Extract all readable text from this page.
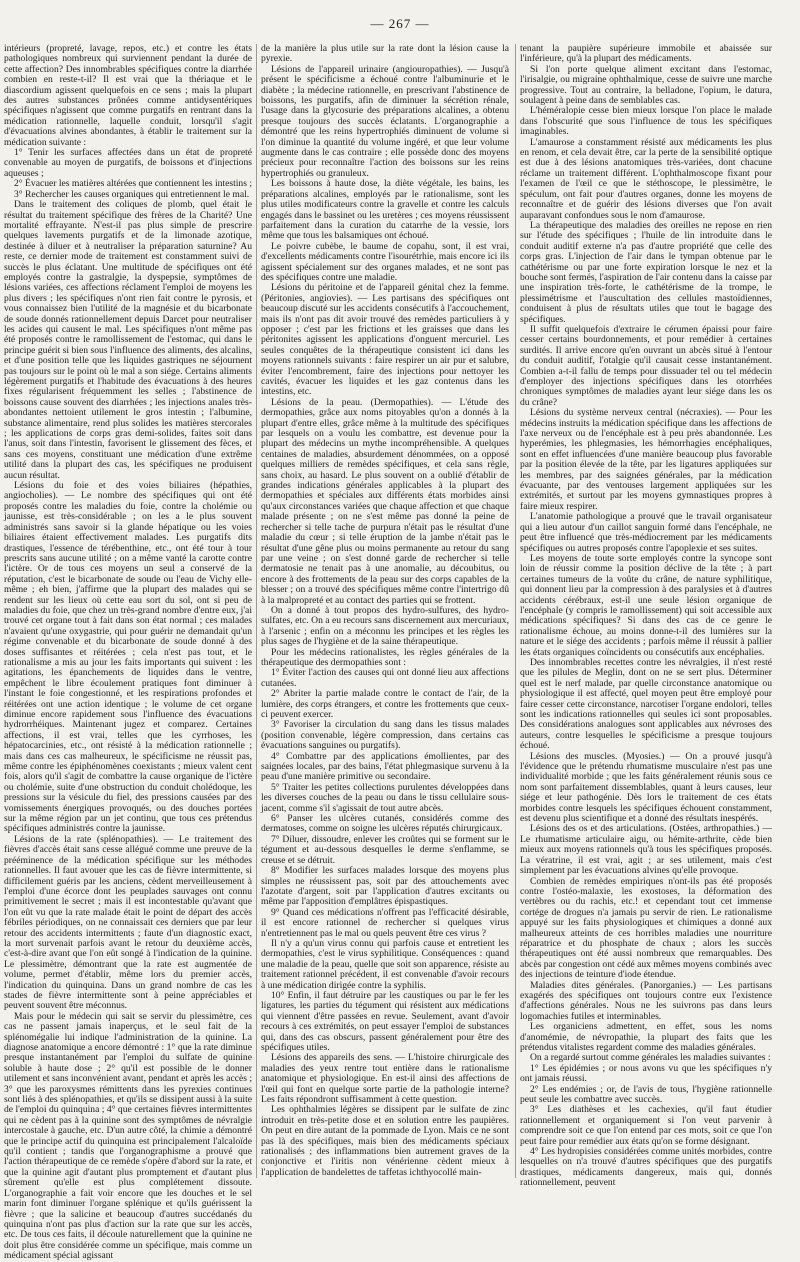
— 267 —

intérieurs (propreté, lavage, repos, etc.) et contre les états pathologiques nombreux qui surviennent pendant la durée de cette affection? Des innombrables spécifiques contre la diarrhée combien en reste-t-il? Il est vrai que la thériaque et le diascordium agissent quelquefois en ce sens ; mais la plupart des autres substances prônées comme antidysentériques spécifiques n'agissent que comme purgatifs en rentrant dans la médication rationnelle, laquelle conduit, lorsqu'il s'agit d'évacuations alvines abondantes, à établir le traitement sur la médication suivante :

1° Tenir les surfaces affectées dans un état de propreté convenable au moyen de purgatifs, de boissons et d'injections aqueuses ;

2° Évacuer les matières altérées que contiennent les intestins ;

3° Rechercher les causes organiques qui entretiennent le mal.

Dans le traitement des coliques de plomb, quel était le résultat du traitement spécifique des frères de la Charité? Une mortalité effrayante. N'est-il pas plus simple de prescrire quelques lavements purgatifs et de la limonade azotique, destinée à diluer et à neutraliser la préparation saturnine? Au reste, ce dernier mode de traitement est constamment suivi de succès le plus éclatant. Une multitude de spécifiques ont été employés contre la gastralgie, la dyspepsie, symptômes de lésions variées, ces affections réclament l'emploi de moyens les plus divers ; les spécifiques n'ont rien fait contre le pyrosis, et vous connaissez bien l'utilité de la magnésie et du bicarbonate de soude donnés rationnellement depuis Darcet pour neutraliser les acides qui causent le mal. Les spécifiques n'ont même pas été proposés contre le ramollissement de l'estomac, qui dans le principe guérit si bien sous l'influence des aliments, des alcalins, et d'une position telle que les liquides gastriques ne séjournent pas toujours sur le point où le mal a son siége. Certains aliments légèrement purgatifs et l'habitude des évacuations à des heures fixes régularisent fréquemment les selles ; l'abstinence de boissons cause souvent des diarrhées ; les injections anales très-abondantes nettoient utilement le gros intestin ; l'albumine, substance alimentaire, rend plus solides les matières stercorales ; les applications de corps gras demi-solides, faites soit dans l'anus, soit dans l'intestin, favorisent le glissement des fèces, et sans ces moyens, constituant une médication d'une extrême utilité dans la plupart des cas, les spécifiques ne produisent aucun résultat.

Lésions du foie et des voies biliaires (hépathies, angiocholies). — Le nombre des spécifiques qui ont été proposés contre les maladies du foie, contre la cholémie ou jaunisse, est très-considérable ; on les a le plus souvent administrés sans savoir si la glande hépatique ou les voies biliaires étaient effectivement malades. Les purgatifs dits drastiques, l'essence de térébenthine, etc., ont été tour à tour prescrits sans aucune utilité ; on a même vanté la carotte contre l'ictère. Or de tous ces moyens un seul a conservé de la réputation, c'est le bicarbonate de soude ou l'eau de Vichy elle-même ; eh bien, j'affirme que la plupart des malades qui se rendent sur les lieux où cette eau sort du sol, ont si peu de maladies du foie, que chez un très-grand nombre d'entre eux, j'ai trouvé cet organe tout à fait dans son état normal ; ces malades n'avaient qu'une oxygastrie, qui pour guérir ne demandait qu'un régime convenable et du bicarbonate de soude donné à des doses suffisantes et réitérées ; cela n'est pas tout, et le rationalisme a mis au jour les faits importants qui suivent : les agitations, les épanchements de liquides dans le ventre, empêchent le libre écoulement pratiques font diminuer à l'instant le foie congestionné, et les respirations profondes et réitérées ont une action identique ; le volume de cet organe diminue encore rapidement sous l'influence des évacuations hydrorrhéiques. Maintenant jugez et comparez. Certaines affections, il est vrai, telles que les cyrrhoses, les hépatocarcinies, etc., ont résisté à la médication rationnelle ; mais dans ces cas malheureux, le spécificisme ne réussit pas, même contre les épiphénomènes coexistants ; mieux valent cent fois, alors qu'il s'agit de combattre la cause organique de l'ictère ou cholémie, suite d'une obstruction du conduit cholédoque, les pressions sur la vésicule du fiel, des pressions causées par des vomissements énergiques provoqués, ou des douches portées sur la même région par un jet continu, que tous ces prétendus spécifiques administrés contre la jaunisse.

Lésions de la rate (splénopathies). — Le traitement des fièvres d'accès était sans cesse allégué comme une preuve de la prééminence de la médication spécifique sur les méthodes rationnelles. Il faut avouer que les cas de fièvre intermittente, si difficilement guéris par les anciens, cèdent merveilleusement à l'emploi d'une écorce dont les peuplades sauvages ont connu primitivement le secret ; mais il est incontestable qu'avant que l'on eût vu que la rate malade était le point de départ des accès fébriles périodiques, on ne connaissait ces derniers que par leur retour des accidents intermittents ; faute d'un diagnostic exact, la mort survenait parfois avant le retour du deuxième accès, c'est-à-dire avant que l'on eût songé à l'indication de la quinine. Le plessimètre, démontrant que la rate est augmentée de volume, permet d'établir, même lors du premier accès, l'indication du quinquina. Dans un grand nombre de cas les stades de fièvre intermittente sont à peine appréciables et peuvent souvent être méconnus.

Mais pour le médecin qui sait se servir du plessimètre, ces cas ne passent jamais inaperçus, et le seul fait de la splénomégalie lui indique l'administration de la quinine. La diagnose anatomique a encore démontré : 1° que la rate diminue presque instantanément par l'emploi du sulfate de quinine soluble à haute dose ; 2° qu'il est possible de le donner utilement et sans inconvénient avant, pendant et après les accès ; 3° que les paroxysmes rémittents dans les pyrexies continues sont liés à des splénopathies, et qu'ils se dissipent aussi à la suite de l'emploi du quinquina ; 4° que certaines fièvres intermittentes qui ne cèdent pas à la quinine sont des symptômes de névralgie intercostale à gauche, etc. D'un autre côté, la chimie a démontré que le principe actif du quinquina est principalement l'alcaloïde qu'il contient ; tandis que l'organographisme a prouvé que l'action thérapeutique de ce remède s'opère d'abord sur la rate, et que la quinine agit d'autant plus promptement et d'autant plus sûrement qu'elle est plus complétement dissoute. L'organographie a fait voir encore que les douches et le sel marin font diminuer l'organe splénique et qu'ils guérissent la fièvre ; que la salicine et beaucoup d'autres succédanés du quinquina n'ont pas plus d'action sur la rate que sur les accès, etc. De tous ces faits, il découle naturellement que la quinine ne doit plus être considérée comme un spécifique, mais comme un médicament spécial agissant

de la manière la plus utile sur la rate dont la lésion cause la pyrexie.

Lésions de l'appareil urinaire (angiouropathies). — Jusqu'à présent le spécificisme a échoué contre l'albuminurie et le diabète ; la médecine rationnelle, en prescrivant l'abstinence de boissons, les purgatifs, afin de diminuer la sécrétion rénale, l'usage dans la glycosurie des préparations alcalines, a obtenu presque toujours des succès éclatants. L'organographie a démontré que les reins hypertrophiés diminuent de volume si l'on diminue la quantité du volume ingéré, et que leur volume augmente dans le cas contraire ; elle possède donc des moyens précieux pour reconnaître l'action des boissons sur les reins hypertrophiés ou granuleux.

Les boissons à haute dose, la diète végétale, les bains, les préparations alcalines, employés par le rationalisme, sont les plus utiles modificateurs contre la gravelle et contre les calculs engagés dans le bassinet ou les uretères ; ces moyens réussissent parfaitement dans la curation du catarrhe de la vessie, lors même que tous les balsamiques ont échoué.

Le poivre cubèbe, le baume de copahu, sont, il est vrai, d'excellents médicaments contre l'isourétrhie, mais encore ici ils agissent spécialement sur des organes malades, et ne sont pas des spécifiques contre une maladie.

Lésions du péritoine et de l'appareil génital chez la femme. (Péritonies, angiovies). — Les partisans des spécifiques ont beaucoup discuté sur les accidents consécutifs à l'accouchement, mais ils n'ont pas dit avoir trouvé des remèdes particuliers à y opposer ; c'est par les frictions et les graisses que dans les péritonites agissent les applications d'onguent mercuriel. Les seules conquêtes de la thérapeutique consistent ici dans les moyens rationnels suivants : faire respirer un air pur et salubre, éviter l'encombrement, faire des injections pour nettoyer les cavités, évacuer les liquides et les gaz contenus dans les intestins, etc.

Lésions de la peau. (Dermopathies). — L'étude des dermopathies, grâce aux noms pitoyables qu'on a donnés à la plupart d'entre elles, grâce même à la multitude des spécifiques par lesquels on a voulu les combattre, est devenue pour la plupart des médecins un mythe incompréhensible. A quelques centaines de maladies, absurdement dénommées, on a opposé quelques milliers de remèdes spécifiques, et cela sans règle, sans choix, au hasard. Le plus souvent on a oublié d'établir de grandes indications générales applicables à la plupart des dermopathies et spéciales aux différents états morbides ainsi qu'aux circonstances variées que chaque affection et que chaque malade présente ; on ne s'est même pas donné la peine de rechercher si telle tache de purpura n'était pas le résultat d'une maladie du cœur ; si telle éruption de la jambe n'était pas le résultat d'une gêne plus ou moins permanente au retour du sang par une veine ; on s'est donné garde de rechercher si telle dermatosie ne tenait pas à une anomalie, au découbitus, ou encore à des frottements de la peau sur des corps capables de la blesser ; on a trouvé des spécifiques même contre l'intertrigo dû à la malpropreté et au contact des parties qui se frottent.

On a donné à tout propos des hydro-sulfures, des hydro-sulfates, etc. On a eu recours sans discernement aux mercuriaux, à l'arsenic ; enfin on a méconnu les principes et les règles les plus sages de l'hygiène et de la saine thérapeutique.

Pour les médecins rationalistes, les règles générales de la thérapeutique des dermopathies sont :

1° Éviter l'action des causes qui ont donné lieu aux affections cutanées.

2° Abriter la partie malade contre le contact de l'air, de la lumière, des corps étrangers, et contre les frottements que ceux-ci peuvent exercer.

3° Favoriser la circulation du sang dans les tissus malades (position convenable, légère compression, dans certains cas évacuations sanguines ou purgatifs).

4° Combattre par des applications émollientes, par des saignées locales, par des bains, l'état phlegmasique survenu à la peau d'une manière primitive ou secondaire.

5° Traiter les petites collections purulentes développées dans les diverses couches de la peau ou dans le tissu cellulaire sous-jacent, comme s'il s'agissait de tout autre abcès.

6° Panser les ulcères cutanés, considérés comme des dermatoses, comme on soigne les ulcères réputés chirurgicaux.

7° Diluer, dissoudre, enlever les croûtes qui se forment sur le tégument et au-dessous desquelles le derme s'enflamme, se creuse et se détruit.

8° Modifier les surfaces malades lorsque des moyens plus simples ne réussissent pas, soit par des attouchements avec l'azotate d'argent, soit par l'application d'autres excitants ou même par l'apposition d'emplâtres épispastiques.

9° Quand ces médications n'offrent pas l'efficacité désirable, il est encore rationnel de rechercher si quelques virus n'entretiennent pas le mal ou quels peuvent être ces virus ?

Il n'y a qu'un virus connu qui parfois cause et entretient les dermopathies, c'est le virus syphilitique. Conséquences : quand une maladie de la peau, quelle que soit son apparence, résiste au traitement rationnel précédent, il est convenable d'avoir recours à une médication dirigée contre la syphilis.

10° Enfin, il faut détruire par les caustiques ou par le fer les ligatures, les parties du tégument qui résistent aux médications qui viennent d'être passées en revue. Seulement, avant d'avoir recours à ces extrémités, on peut essayer l'emploi de substances qui, dans des cas obscurs, passent généralement pour être des spécifiques utiles.

Lésions des appareils des sens. — L'histoire chirurgicale des maladies des yeux rentre tout entière dans le rationalisme anatomique et physiologique. En est-il ainsi des affections de l'œil qui font en quelque sorte partie de la pathologie interne? Les faits répondront suffisamment à cette question.

Les ophthalmies légères se dissipent par le sulfate de zinc introduit en très-petite dose et en solution entre les paupières. On peut en dire autant de la pommade de Lyon. Mais ce ne sont pas là des spécifiques, mais bien des médicaments spéciaux rationalisés ; des inflammations bien autrement graves de la conjonctive et l'iritis non vénérienne cèdent mieux à l'application de bandelettes de taffetas ichthyocollé main-

tenant la paupière supérieure immobile et abaissée sur l'inférieure, qu'à la plupart des médicaments.

Si l'on porte quelque aliment excitant dans l'estomac, l'irisalgie, ou migraine ophthalmique, cesse de suivre une marche progressive. Tout au contraire, la belladone, l'opium, le datura, soulagent à peine dans de semblables cas.

L'héméralopie cesse bien mieux lorsque l'on place le malade dans l'obscurité que sous l'influence de tous les spécifiques imaginables.

L'amaurose a constamment résisté aux médicaments les plus en renom, et cela devait être, car la perte de la sensibilité optique est due à des lésions anatomiques très-variées, dont chacune réclame un traitement différent. L'ophthalmoscope fixant pour l'examen de l'œil ce que le stéthoscope, le plessimètre, le spéculum, ont fait pour d'autres organes, donne les moyens de reconnaître et de guérir des lésions diverses que l'on avait auparavant confondues sous le nom d'amaurose.

La thérapeutique des maladies des oreilles ne repose en rien sur l'étude des spécifiques ; l'huile de lin introduite dans le conduit auditif externe n'a pas d'autre propriété que celle des corps gras. L'injection de l'air dans le tympan obtenue par le cathétérisme ou par une forte expiration lorsque le nez et la bouche sont fermés, l'aspiration de l'air contenu dans la caisse par une inspiration très-forte, le cathétérisme de la trompe, le plessimétrisme et l'auscultation des cellules mastoïdiennes, conduisent à plus de résultats utiles que tout le bagage des spécifiques.

Il suffit quelquefois d'extraire le cérumen épaissi pour faire cesser certains bourdonnements, et pour remédier à certaines surdités. Il arrive encore qu'en ouvrant un abcès situé à l'entour du conduit auditif, l'otalgie qu'il causait cesse instantanément. Combien a-t-il fallu de temps pour dissuader tel ou tel médecin d'employer des injections spécifiques dans les otorrhées chroniques symptômes de maladies ayant leur siége dans les os du crâne?

Lésions du système nerveux central (nécraxies). — Pour les médecins instruits la médication spécifique dans les affections de l'axe nerveux ou de l'encéphale est à peu près abandonnée. Les hyperémies, les phlegmasies, les hémorrhagies encéphaliques, sont en effet influencées d'une manière beaucoup plus favorable par la position élevée de la tête, par les ligatures appliquées sur les membres, par des saignées générales, par la médication évacuante, par des ventouses largement appliquées sur les extrémités, et surtout par les moyens gymnastiques propres à faire mieux respirer.

L'anatomie pathologique a prouvé que le travail organisateur qui a lieu autour d'un caillot sanguin formé dans l'encéphale, ne peut être influencé que très-médiocrement par les médicaments spécifiques ou autres proposés contre l'apoplexie et ses suites.

Les moyens de toute sorte employés contre la syncope sont loin de réussir comme la position déclive de la tête ; à part certaines tumeurs de la voûte du crâne, de nature syphilitique, qui donnent lieu par la compression à des paralysies et à d'autres accidents cérébraux, est-il une seule lésion organique de l'encéphale (y compris le ramollissement) qui soit accessible aux médications spécifiques? Si dans des cas de ce genre le rationalisme échoue, au moins donne-t-il des lumières sur la nature et le siége des accidents ; parfois même il réussit à pallier les états organiques coïncidents ou consécutifs aux encéphalies.

Des innombrables recettes contre les névralgies, il n'est resté que les pilules de Meglin, dont on ne se sert plus. Déterminer quel est le nerf malade, par quelle circonstance anatomique ou physiologique il est affecté, quel moyen peut être employé pour faire cesser cette circonstance, narcotiser l'organe endolori, telles sont les indications rationnelles qui seules ici sont proposables. Des considérations analogues sont applicables aux névroses des auteurs, contre lesquelles le spécificisme a presque toujours échoué.

Lésions des muscles. (Myosies.) — On a prouvé jusqu'à l'évidence que le prétendu rhumatisme musculaire n'est pas une individualité morbide ; que les faits généralement réunis sous ce nom sont parfaitement dissemblables, quant à leurs causes, leur siége et leur pathogénie. Dès lors le traitement de ces états morbides contre lesquels les spécifiques échouent constamment, est devenu plus scientifique et a donné des résultats inespérés.

Lésions des os et des articulations. (Ostées, arthropathies.) — Le rhumatisme articulaire aigu, ou hémite-arthrite, cède bien mieux aux moyens rationnels qu'à tous les spécifiques proposés. La vératrine, il est vrai, agit ; ar ses utilement, mais c'est simplement par les évacuations alvines qu'elle provoque.

Combien de remèdes empiriques n'ont-ils pas été proposés contre l'ostéo-malaxie, les exostoses, la déformation des vertèbres ou du rachis, etc.! et cependant tout cet immense cortége de drogues n'a jamais pu servir de rien. Le rationalisme appuyé sur les faits physiologiques et chimiques a donné aux malheureux atteints de ces horribles maladies une nourriture réparatrice et du phosphate de chaux ; alors les succès thérapeutiques ont été aussi nombreux que remarquables. Des abcès par congestion ont cédé aux mêmes moyens combinés avec des injections de teinture d'iode étendue.

Maladies dites générales. (Panorganies.) — Les partisans exagérés des spécifiques ont toujours contre eux l'existence d'affections générales. Nous ne les suivrons pas dans leurs logomachies futiles et interminables.

Les organiciens admettent, en effet, sous les noms d'anomémie, de névropathie, la plupart des faits que les prétendus vitalistes regardent comme des maladies générales.

On a regardé surtout comme générales les maladies suivantes :

1° Les épidémies ; or nous avons vu que les spécifiques n'y ont jamais réussi.

2° Les endémies ; or, de l'avis de tous, l'hygiène rationnelle peut seule les combattre avec succès.

3° Les diathèses et les cachexies, qu'il faut étudier rationnellement et organiquement si l'on veut parvenir à comprendre soit ce que l'on entend par ces mots, soit ce que l'on peut faire pour remédier aux états qu'on se forme désignant.

4° Les hydropisies considérées comme unités morbides, contre lesquelles on n'a trouvé d'autres spécifiques que des purgatifs drastiques, médicaments dangereux, mais qui, donnés rationnellement, peuvent
